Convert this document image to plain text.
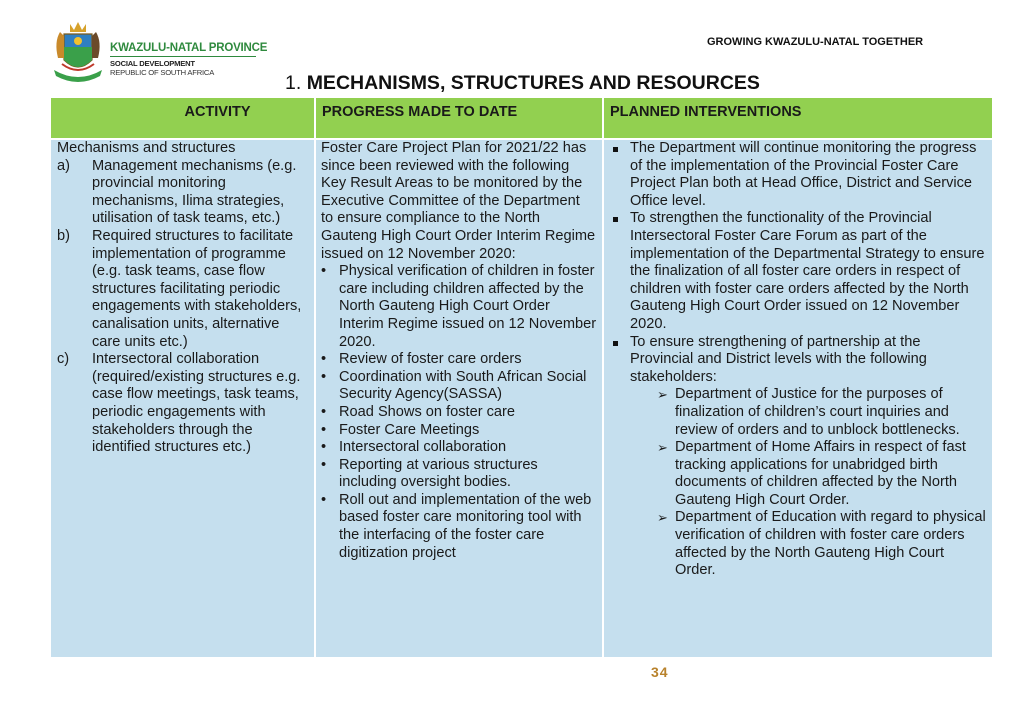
KWAZULU-NATAL PROVINCE
SOCIAL DEVELOPMENT
REPUBLIC OF SOUTH AFRICA
GROWING KWAZULU-NATAL TOGETHER
1. MECHANISMS, STRUCTURES AND RESOURCES
ACTIVITY	PROGRESS MADE TO DATE	PLANNED INTERVENTIONS
Mechanisms and structures
a) Management mechanisms (e.g. provincial monitoring mechanisms, Ilima strategies, utilisation of task teams, etc.)
b) Required structures to facilitate implementation of programme (e.g. task teams, case flow structures facilitating periodic engagements with stakeholders, canalisation units, alternative care units etc.)
c) Intersectoral collaboration (required/existing structures e.g. case flow meetings, task teams, periodic engagements with stakeholders through the identified structures etc.)
Foster Care Project Plan for 2021/22 has since been reviewed with the following Key Result Areas to be monitored by the Executive Committee of the Department
to ensure compliance to the North Gauteng High Court Order Interim Regime issued on 12 November 2020:
• Physical verification of children in foster care including children affected by the North Gauteng High Court Order Interim Regime issued on 12 November 2020.
• Review of foster care orders
• Coordination with South African Social Security Agency(SASSA)
• Road Shows on foster care
• Foster Care Meetings
• Intersectoral collaboration
• Reporting at various structures including oversight bodies.
• Roll out and implementation of the web based foster care monitoring tool with the interfacing of the foster care digitization project
The Department will continue monitoring the progress of the implementation of the Provincial Foster Care Project Plan both at Head Office, District and Service Office level.
To strengthen the functionality of the Provincial Intersectoral Foster Care Forum as part of the implementation of the Departmental Strategy to ensure the finalization of all foster care orders in respect of children with foster care orders affected by the North Gauteng High Court Order issued on 12 November 2020.
To ensure strengthening of partnership at the Provincial and District levels with the following stakeholders:
➢ Department of Justice for the purposes of finalization of children’s court inquiries and review of orders and to unblock bottlenecks.
➢ Department of Home Affairs in respect of fast tracking applications for unabridged birth documents of children affected by the North Gauteng High Court Order.
➢ Department of Education with regard to physical verification of children with foster care orders affected by the North Gauteng High Court Order.
34
